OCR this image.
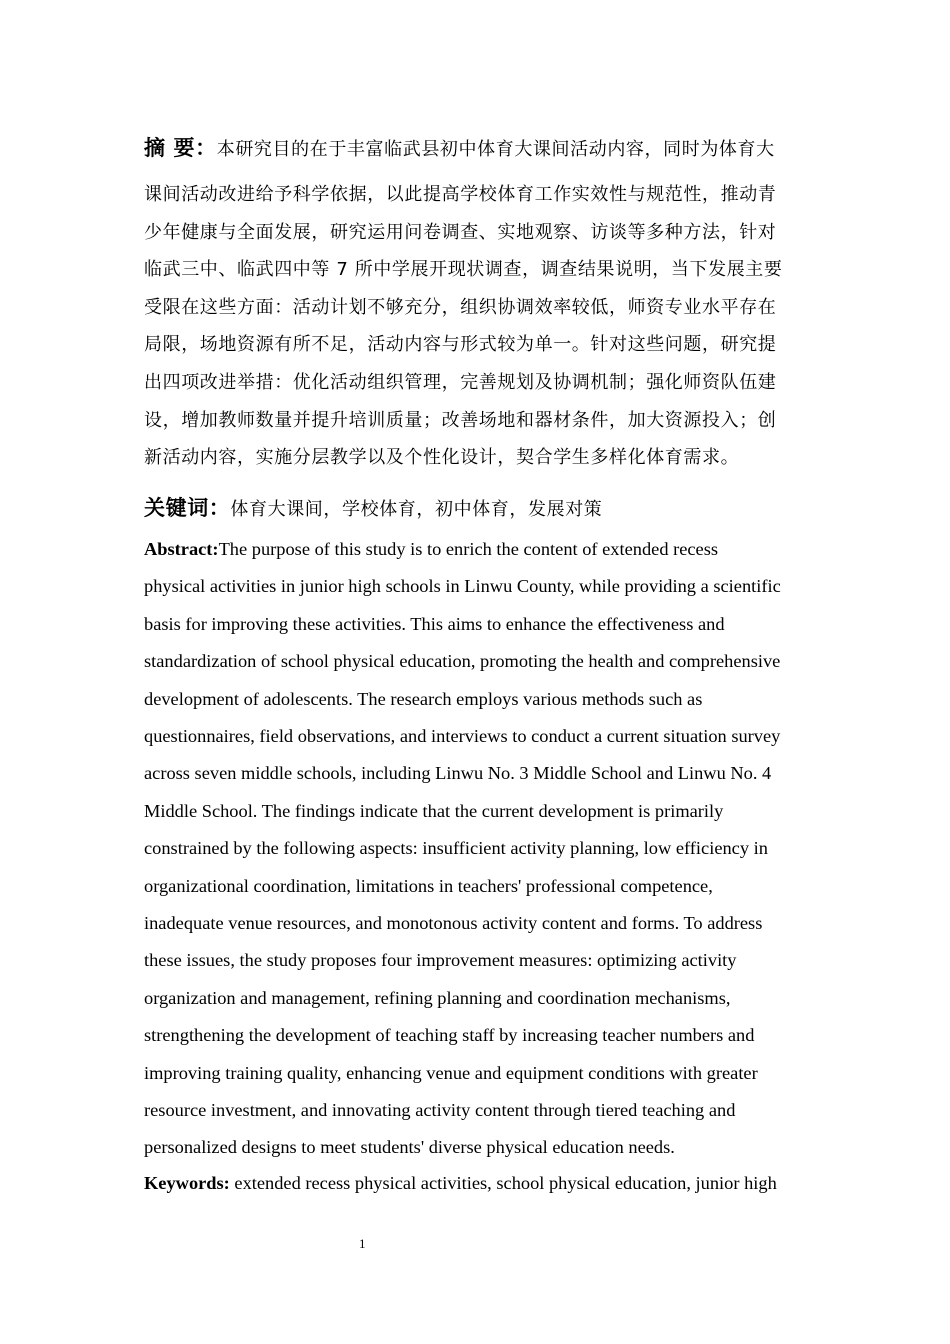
摘 要：本研究目的在于丰富临武县初中体育大课间活动内容，同时为体育大
课间活动改进给予科学依据，以此提高学校体育工作实效性与规范性，推动青
少年健康与全面发展，研究运用问卷调查、实地观察、访谈等多种方法，针对
临武三中、临武四中等 7 所中学展开现状调查，调查结果说明，当下发展主要
受限在这些方面：活动计划不够充分，组织协调效率较低，师资专业水平存在
局限，场地资源有所不足，活动内容与形式较为单一。针对这些问题，研究提
出四项改进举措：优化活动组织管理，完善规划及协调机制；强化师资队伍建
设，增加教师数量并提升培训质量；改善场地和器材条件，加大资源投入；创
新活动内容，实施分层教学以及个性化设计，契合学生多样化体育需求。
关键词：体育大课间，学校体育，初中体育，发展对策
Abstract:The purpose of this study is to enrich the content of extended recess
physical activities in junior high schools in Linwu County, while providing a scientific
basis for improving these activities. This aims to enhance the effectiveness and
standardization of school physical education, promoting the health and comprehensive
development of adolescents. The research employs various methods such as
questionnaires, field observations, and interviews to conduct a current situation survey
across seven middle schools, including Linwu No. 3 Middle School and Linwu No. 4
Middle School. The findings indicate that the current development is primarily
constrained by the following aspects: insufficient activity planning, low efficiency in
organizational coordination, limitations in teachers' professional competence,
inadequate venue resources, and monotonous activity content and forms. To address
these issues, the study proposes four improvement measures: optimizing activity
organization and management, refining planning and coordination mechanisms,
strengthening the development of teaching staff by increasing teacher numbers and
improving training quality, enhancing venue and equipment conditions with greater
resource investment, and innovating activity content through tiered teaching and
personalized designs to meet students' diverse physical education needs.
Keywords: extended recess physical activities, school physical education, junior high
1
